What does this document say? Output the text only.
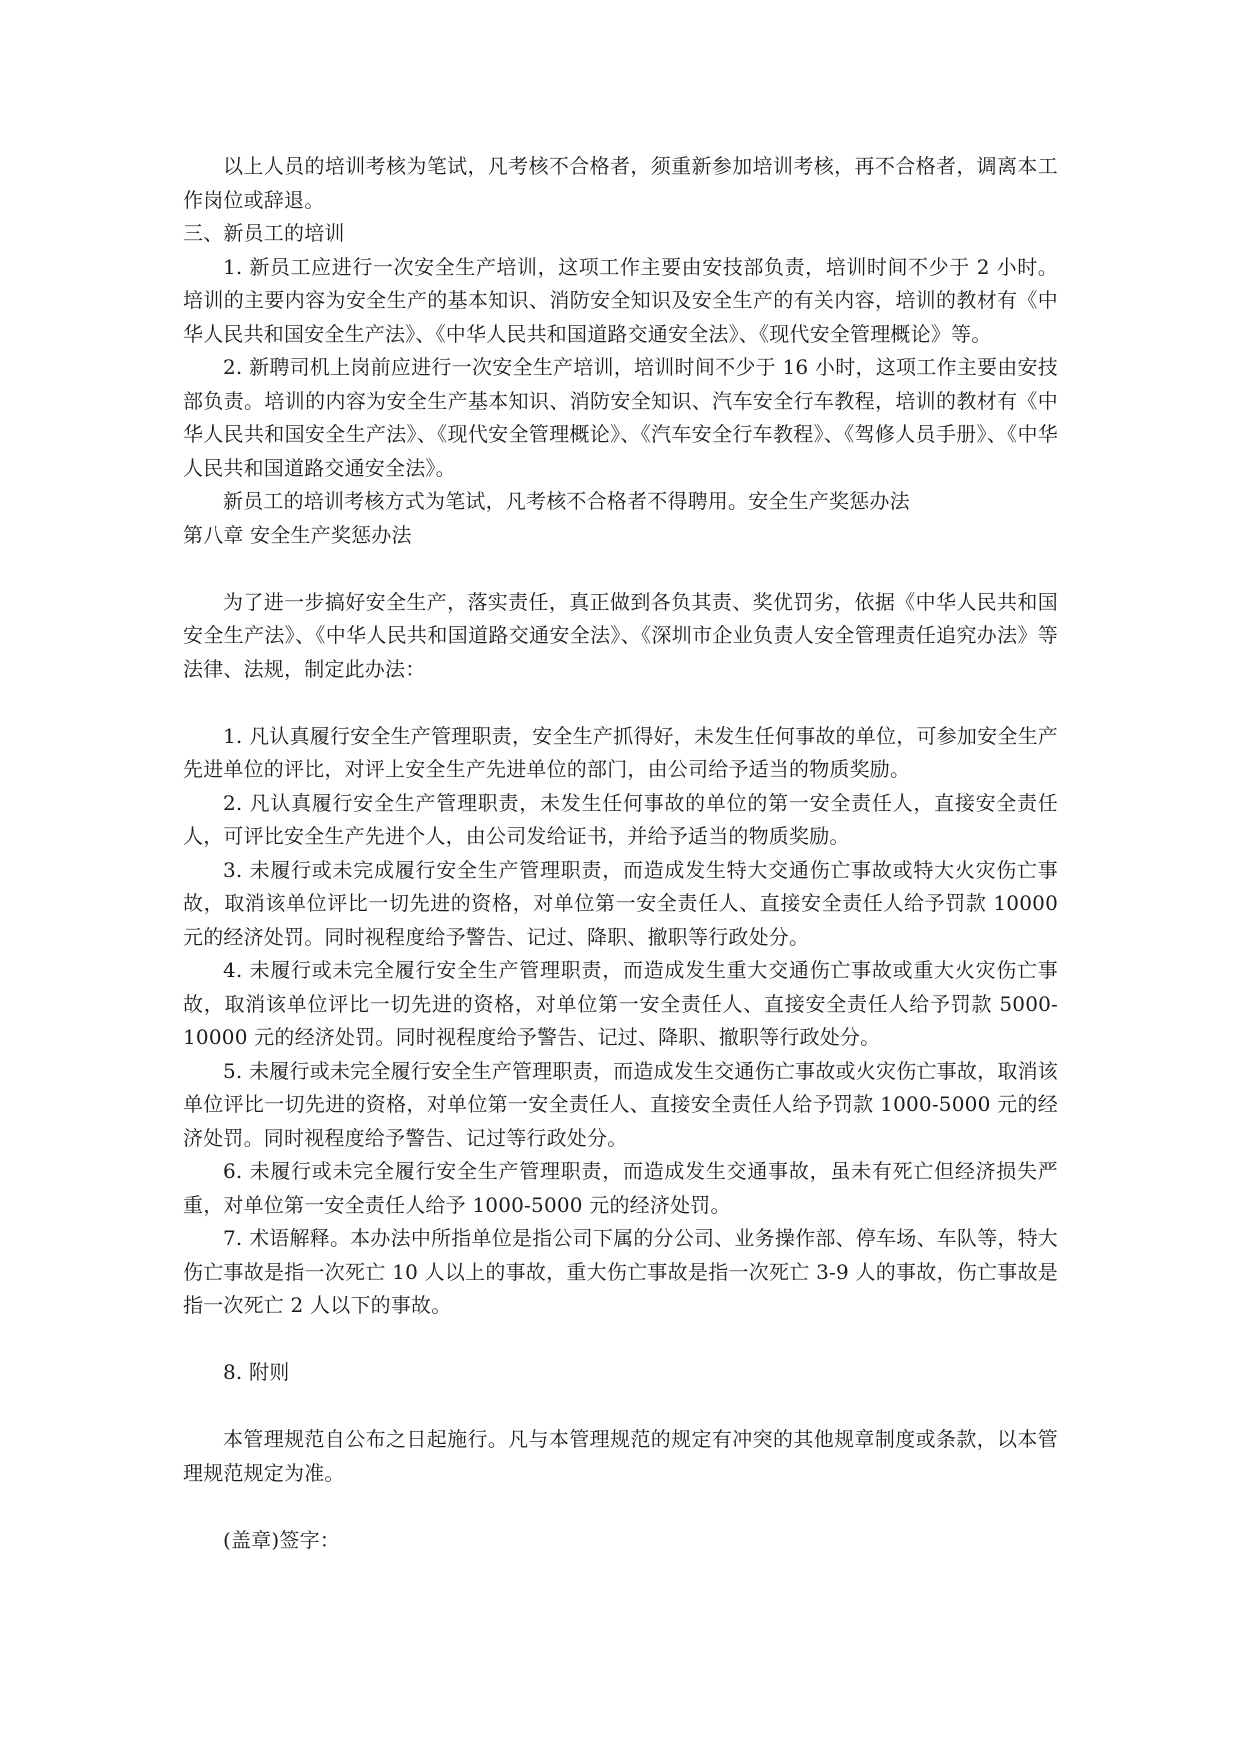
以上人员的培训考核为笔试，凡考核不合格者，须重新参加培训考核，再不合格者，调离本工作岗位或辞退。

三、新员工的培训

1. 新员工应进行一次安全生产培训，这项工作主要由安技部负责，培训时间不少于 2 小时。培训的主要内容为安全生产的基本知识、消防安全知识及安全生产的有关内容，培训的教材有《中华人民共和国安全生产法》、《中华人民共和国道路交通安全法》、《现代安全管理概论》等。

2. 新聘司机上岗前应进行一次安全生产培训，培训时间不少于 16 小时，这项工作主要由安技部负责。培训的内容为安全生产基本知识、消防安全知识、汽车安全行车教程，培训的教材有《中华人民共和国安全生产法》、《现代安全管理概论》、《汽车安全行车教程》、《驾修人员手册》、《中华人民共和国道路交通安全法》。

新员工的培训考核方式为笔试，凡考核不合格者不得聘用。安全生产奖惩办法

第八章 安全生产奖惩办法

为了进一步搞好安全生产，落实责任，真正做到各负其责、奖优罚劣，依据《中华人民共和国安全生产法》、《中华人民共和国道路交通安全法》、《深圳市企业负责人安全管理责任追究办法》等法律、法规，制定此办法：

1. 凡认真履行安全生产管理职责，安全生产抓得好，未发生任何事故的单位，可参加安全生产先进单位的评比，对评上安全生产先进单位的部门，由公司给予适当的物质奖励。

2. 凡认真履行安全生产管理职责，未发生任何事故的单位的第一安全责任人，直接安全责任人，可评比安全生产先进个人，由公司发给证书，并给予适当的物质奖励。

3. 未履行或未完成履行安全生产管理职责，而造成发生特大交通伤亡事故或特大火灾伤亡事故，取消该单位评比一切先进的资格，对单位第一安全责任人、直接安全责任人给予罚款 10000 元的经济处罚。同时视程度给予警告、记过、降职、撤职等行政处分。

4. 未履行或未完全履行安全生产管理职责，而造成发生重大交通伤亡事故或重大火灾伤亡事故，取消该单位评比一切先进的资格，对单位第一安全责任人、直接安全责任人给予罚款 5000-10000 元的经济处罚。同时视程度给予警告、记过、降职、撤职等行政处分。

5. 未履行或未完全履行安全生产管理职责，而造成发生交通伤亡事故或火灾伤亡事故，取消该单位评比一切先进的资格，对单位第一安全责任人、直接安全责任人给予罚款 1000-5000 元的经济处罚。同时视程度给予警告、记过等行政处分。

6. 未履行或未完全履行安全生产管理职责，而造成发生交通事故，虽未有死亡但经济损失严重，对单位第一安全责任人给予 1000-5000 元的经济处罚。

7. 术语解释。本办法中所指单位是指公司下属的分公司、业务操作部、停车场、车队等，特大伤亡事故是指一次死亡 10 人以上的事故，重大伤亡事故是指一次死亡 3-9 人的事故，伤亡事故是指一次死亡 2 人以下的事故。

8. 附则

本管理规范自公布之日起施行。凡与本管理规范的规定有冲突的其他规章制度或条款，以本管理规范规定为准。

(盖章)签字：
